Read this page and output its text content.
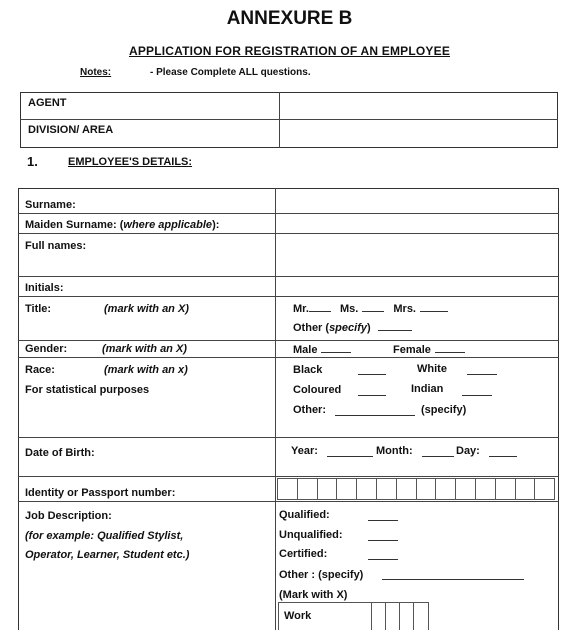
ANNEXURE B
APPLICATION FOR REGISTRATION OF AN EMPLOYEE
Notes:	- Please Complete ALL questions.
AGENT
DIVISION/ AREA
1.	EMPLOYEE'S DETAILS:
Surname:
Maiden Surname: (where applicable):
Full names:
Initials:
Title:	(mark with an X)	Mr.	Ms.	Mrs.
Other (specify)
Gender:	(mark with an X)	Male	Female
Race:	(mark with an x)
For statistical purposes
Black	White
Coloured	Indian
Other:	(specify)
Date of Birth:	Year:	Month:	Day:
Identity or Passport number:
Job Description:
(for example: Qualified Stylist,
Operator, Learner, Student etc.)
Qualified:
Unqualified:
Certified:
Other : (specify)
(Mark with X)
Work
